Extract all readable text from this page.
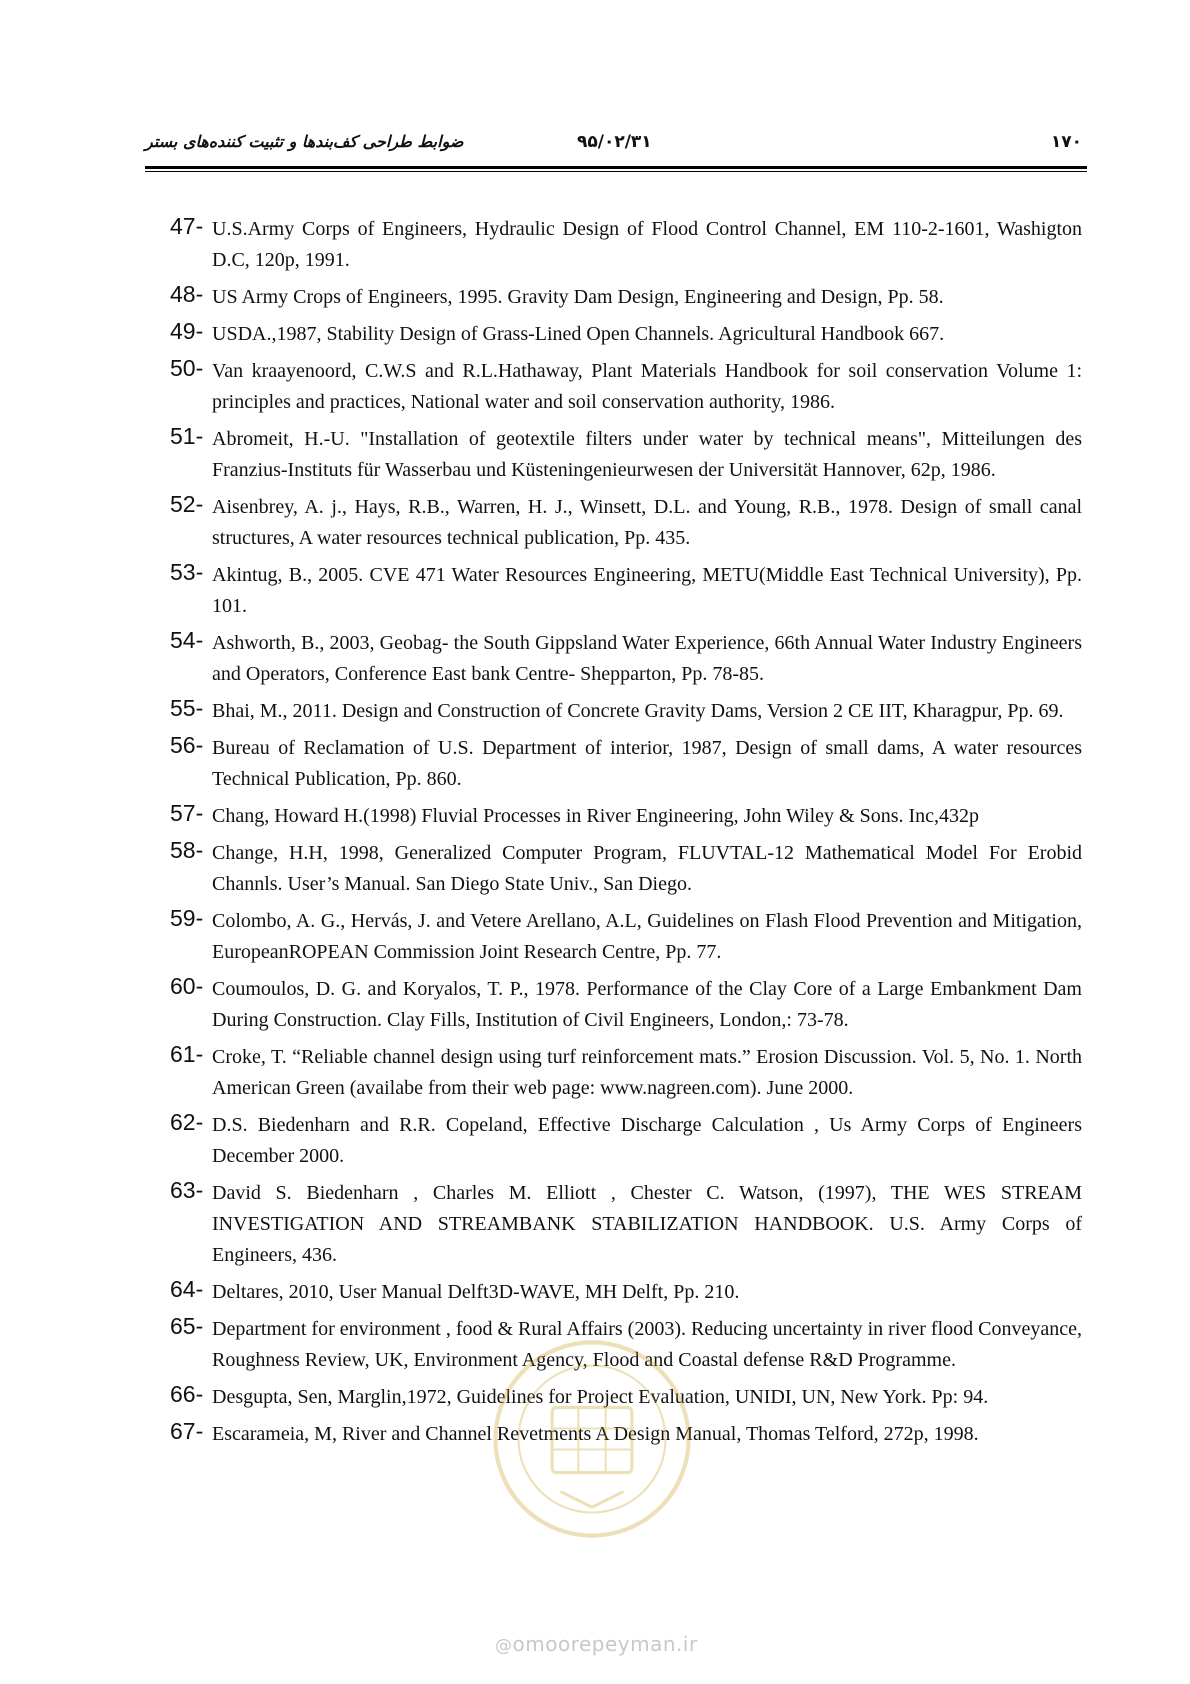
ضوابط طراحی کف‌بندها و تثبیت کننده‌های بستر	۹۵/۰۲/۳۱	۱۷۰
47- U.S.Army Corps of Engineers, Hydraulic Design of Flood Control Channel, EM 110-2-1601, Washigton D.C, 120p, 1991.
48- US Army Crops of Engineers, 1995. Gravity Dam Design, Engineering and Design, Pp. 58.
49- USDA.,1987, Stability Design of Grass-Lined Open Channels. Agricultural Handbook 667.
50- Van kraayenoord, C.W.S and R.L.Hathaway, Plant Materials Handbook for soil conservation Volume 1: principles and practices, National water and soil conservation authority, 1986.
51- Abromeit, H.-U. "Installation of geotextile filters under water by technical means", Mitteilungen des Franzius-Instituts für Wasserbau und Küsteningenieurwesen der Universität Hannover, 62p, 1986.
52- Aisenbrey, A. j., Hays, R.B., Warren, H. J., Winsett, D.L. and Young, R.B., 1978. Design of small canal structures, A water resources technical publication, Pp. 435.
53- Akintug, B., 2005. CVE 471 Water Resources Engineering, METU(Middle East Technical University), Pp. 101.
54- Ashworth, B., 2003, Geobag- the South Gippsland Water Experience, 66th Annual Water Industry Engineers and Operators, Conference East bank Centre- Shepparton, Pp. 78-85.
55- Bhai, M., 2011. Design and Construction of Concrete Gravity Dams, Version 2 CE IIT, Kharagpur, Pp. 69.
56- Bureau of Reclamation of U.S. Department of interior, 1987, Design of small dams, A water resources Technical Publication, Pp. 860.
57- Chang, Howard H.(1998) Fluvial Processes in River Engineering, John Wiley & Sons. Inc,432p
58- Change, H.H, 1998, Generalized Computer Program, FLUVTAL-12 Mathematical Model For Erobid Channls. User’s Manual. San Diego State Univ., San Diego.
59- Colombo, A. G., Hervás, J. and Vetere Arellano, A.L, Guidelines on Flash Flood Prevention and Mitigation, EuropeanROPEAN Commission Joint Research Centre, Pp. 77.
60- Coumoulos, D. G. and Koryalos, T. P., 1978. Performance of the Clay Core of a Large Embankment Dam During Construction. Clay Fills, Institution of Civil Engineers, London,: 73-78.
61- Croke, T. “Reliable channel design using turf reinforcement mats.” Erosion Discussion. Vol. 5, No. 1. North American Green (availabe from their web page: www.nagreen.com). June 2000.
62- D.S. Biedenharn and R.R. Copeland, Effective Discharge Calculation , Us Army Corps of Engineers December 2000.
63- David S. Biedenharn , Charles M. Elliott , Chester C. Watson, (1997), THE WES STREAM INVESTIGATION AND STREAMBANK STABILIZATION HANDBOOK. U.S. Army Corps of Engineers, 436.
64- Deltares, 2010, User Manual Delft3D-WAVE, MH Delft, Pp. 210.
65- Department for environment , food & Rural Affairs (2003). Reducing uncertainty in river flood Conveyance, Roughness Review, UK, Environment Agency, Flood and Coastal defense R&D Programme.
66- Desgupta, Sen, Marglin,1972, Guidelines for Project Evaluation, UNIDI, UN, New York. Pp: 94.
67- Escarameia, M, River and Channel Revetments A Design Manual, Thomas Telford, 272p, 1998.
@omoorepeyman.ir
